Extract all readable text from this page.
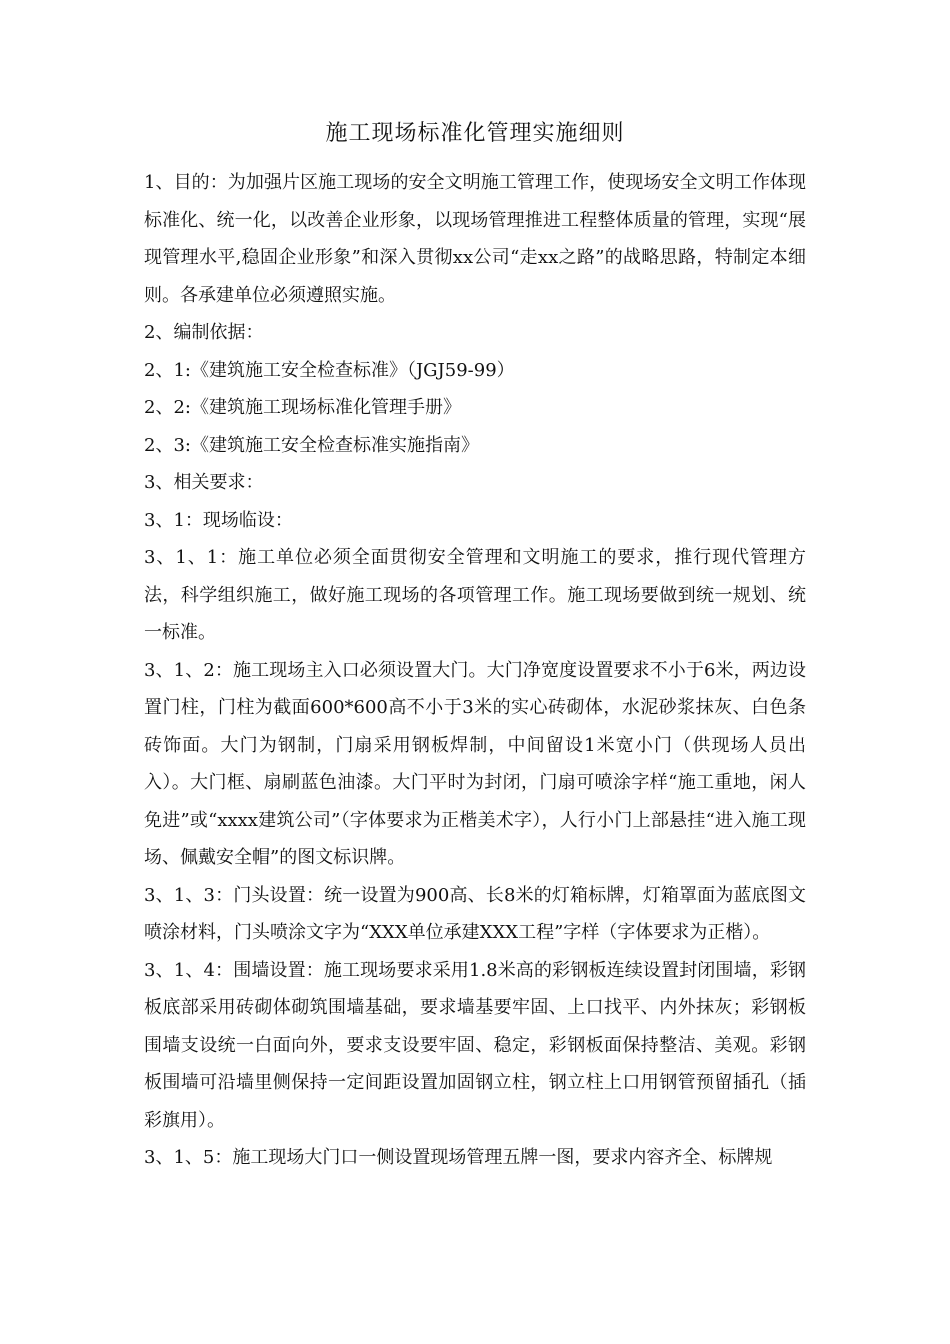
施工现场标准化管理实施细则

1、目的：为加强片区施工现场的安全文明施工管理工作，使现场安全文明工作体现标准化、统一化，以改善企业形象，以现场管理推进工程整体质量的管理，实现“展现管理水平,稳固企业形象”和深入贯彻xx公司“走xx之路”的战略思路，特制定本细则。各承建单位必须遵照实施。

2、编制依据：

2、1:《建筑施工安全检查标准》（JGJ59-99）

2、2:《建筑施工现场标准化管理手册》

2、3:《建筑施工安全检查标准实施指南》

3、相关要求：

3、1：现场临设：

3、1、1：施工单位必须全面贯彻安全管理和文明施工的要求，推行现代管理方法，科学组织施工，做好施工现场的各项管理工作。施工现场要做到统一规划、统一标准。

3、1、2：施工现场主入口必须设置大门。大门净宽度设置要求不小于6米，两边设置门柱，门柱为截面600*600高不小于3米的实心砖砌体，水泥砂浆抹灰、白色条砖饰面。大门为钢制，门扇采用钢板焊制，中间留设1米宽小门（供现场人员出入）。大门框、扇刷蓝色油漆。大门平时为封闭，门扇可喷涂字样“施工重地，闲人免进”或“xxxx建筑公司”（字体要求为正楷美术字），人行小门上部悬挂“进入施工现场、佩戴安全帽”的图文标识牌。

3、1、3：门头设置：统一设置为900高、长8米的灯箱标牌，灯箱罩面为蓝底图文喷涂材料，门头喷涂文字为“XXX单位承建XXX工程”字样（字体要求为正楷）。

3、1、4：围墙设置：施工现场要求采用1.8米高的彩钢板连续设置封闭围墙，彩钢板底部采用砖砌体砌筑围墙基础，要求墙基要牢固、上口找平、内外抹灰；彩钢板围墙支设统一白面向外，要求支设要牢固、稳定，彩钢板面保持整洁、美观。彩钢板围墙可沿墙里侧保持一定间距设置加固钢立柱，钢立柱上口用钢管预留插孔（插彩旗用）。

3、1、5：施工现场大门口一侧设置现场管理五牌一图，要求内容齐全、标牌规
